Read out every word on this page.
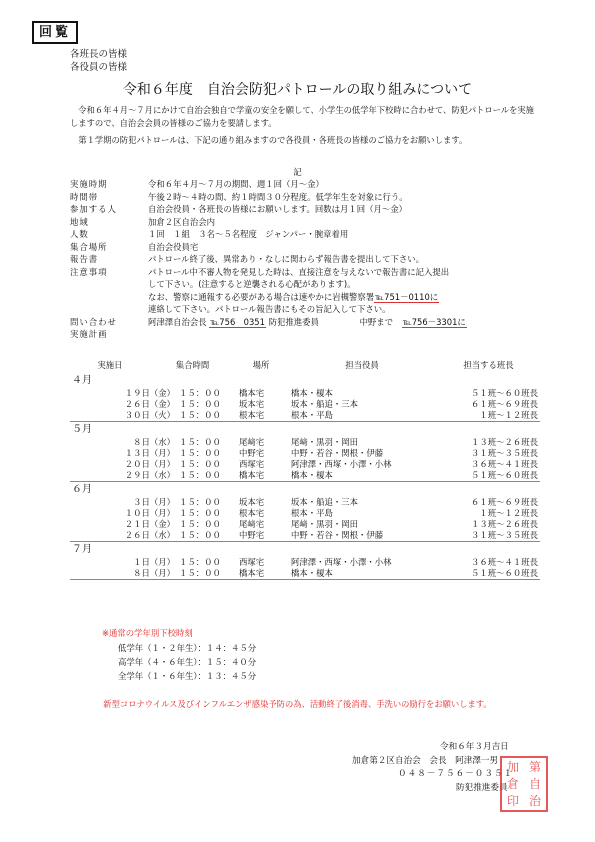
回覧
各班長の皆様
各役員の皆様
令和６年度　自治会防犯パトロールの取り組みについて
令和６年４月～７月にかけて自治会独自で学童の安全を願して、小学生の低学年下校時に合わせて、防犯パトロールを実施しますので、自治会会員の皆様のご協力を要請します。
第１学期の防犯パトロールは、下記の通り組みますので各役員・各班長の皆様のご協力をお願いします。
記
実施時期	令和６年４月～７月の期間、週１回（月～金）
時間帯	午後２時～４時の間、約１時間３０分程度。低学年生を対象に行う。
参加する人	自治会役員・各班長の皆様にお願いします。回数は月１回（月～金）
地域	加倉２区自治会内
人数	１回　１組　３名～５名程度　ジャンパー・腕章着用
集合場所	自治会役員宅
報告書	パトロール終了後、異常あり・なしに関わらず報告書を提出して下さい。
注意事項	パトロール中不審人物を発見した時は、直接注意を与えないで報告書に記入提出
して下さい。(注意すると逆襲される心配があります)。
なお、警察に通報する必要がある場合は速やかに岩槻警察署℡751－0110に
連絡して下さい。パトロール報告書にもその旨記入して下さい。
問い合わせ	阿津澤自治会長 ℡756　0351 防犯推進委員	中野まで ℡756－3301に
実施計画
実施日	集合時間	場所	担当役員	担当する班長
４月
１９日（金） １５：００	橋本宅	橋本・榎本	５１班～６０班長
２６日（金） １５：００	坂本宅	坂本・船追・三本	６１班～６９班長
３０日（火） １５：００	根本宅	根本・平島	１班～１２班長
５月
８日（水） １５：００	尾﨑宅	尾﨑・黒羽・岡田	１３班～２６班長
１３日（月） １５：００	中野宅	中野・若谷・関根・伊藤	３１班～３５班長
２０日（月） １５：００	西塚宅	阿津澤・西塚・小澤・小林	３６班～４１班長
２９日（水） １５：００	橋本宅	橋本・榎本	５１班～６０班長
６月
３日（月） １５：００	坂本宅	坂本・船追・三本	６１班～６９班長
１０日（月） １５：００	根本宅	根本・平島	１班～１２班長
２１日（金） １５：００	尾﨑宅	尾﨑・黒羽・岡田	１３班～２６班長
２６日（水） １５：００	中野宅	中野・若谷・関根・伊藤	３１班～３５班長
７月
１日（月） １５：００	西塚宅	阿津澤・西塚・小澤・小林	３６班～４１班長
８日（月） １５：００	橋本宅	橋本・榎本	５１班～６０班長
※通常の学年別下校時刻
低学年（１・２年生）：１４：４５分
高学年（４・６年生）：１５：４０分
全学年（１・６年生）：１３：４５分
新型コロナウイルス及びインフルエンザ感染予防の為、活動終了後消毒、手洗いの励行をお願いします。
令和６年３月吉日
加倉第２区自治会　会長　阿津澤一男
０４８－７５６－０３５１
防犯推進委員
加 第
倉 自
印 治
